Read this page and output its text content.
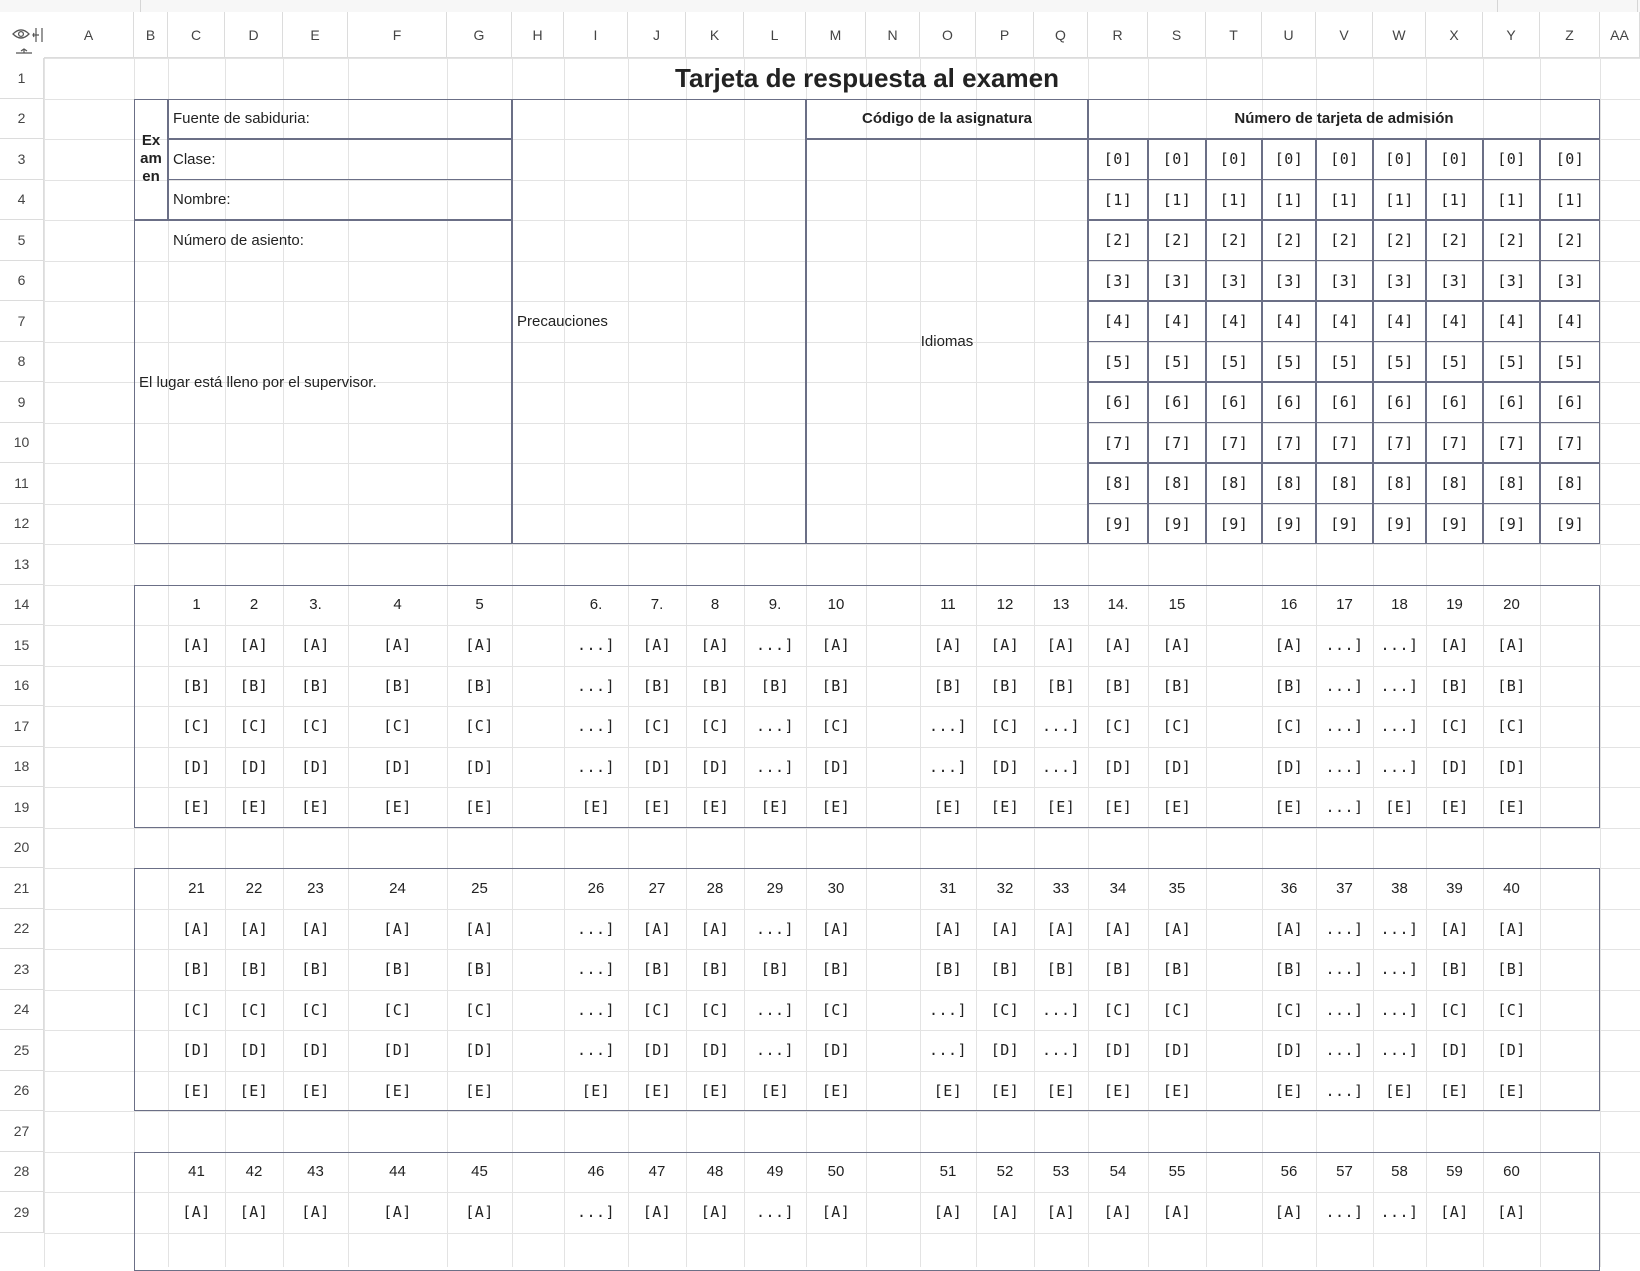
A	B	C	D	E	F	G	H	I	J	K	L	M	N	O	P	Q	R	S	T	U	V	W	X	Y	Z	AA
1
2
3
4
5
6
7
8
9
10
11
12
13
14
15
16
17
18
19
20
21
22
23
24
25
26
27
28
29
Tarjeta de respuesta al examen
Examen
Fuente de sabiduria:
Clase:
Nombre:
Número de asiento:
El lugar está lleno por el supervisor.
Precauciones
Código de la asignatura
Idiomas
Número de tarjeta de admisión
[0]	[0]	[0]	[0]	[0]	[0]	[0]	[0]	[0]
[1]	[1]	[1]	[1]	[1]	[1]	[1]	[1]	[1]
[2]	[2]	[2]	[2]	[2]	[2]	[2]	[2]	[2]
[3]	[3]	[3]	[3]	[3]	[3]	[3]	[3]	[3]
[4]	[4]	[4]	[4]	[4]	[4]	[4]	[4]	[4]
[5]	[5]	[5]	[5]	[5]	[5]	[5]	[5]	[5]
[6]	[6]	[6]	[6]	[6]	[6]	[6]	[6]	[6]
[7]	[7]	[7]	[7]	[7]	[7]	[7]	[7]	[7]
[8]	[8]	[8]	[8]	[8]	[8]	[8]	[8]	[8]
[9]	[9]	[9]	[9]	[9]	[9]	[9]	[9]	[9]
1	2	3.	4	5	6.	7.	8	9.	10	11	12	13	14.	15	16	17	18	19	20
[A]	[A]	[A]	[A]	[A]	...]	[A]	[A]	...]	[A]	[A]	[A]	[A]	[A]	[A]	[A]	...]	...]	[A]	[A]
[B]	[B]	[B]	[B]	[B]	...]	[B]	[B]	[B]	[B]	[B]	[B]	[B]	[B]	[B]	[B]	...]	...]	[B]	[B]
[C]	[C]	[C]	[C]	[C]	...]	[C]	[C]	...]	[C]	...]	[C]	...]	[C]	[C]	[C]	...]	...]	[C]	[C]
[D]	[D]	[D]	[D]	[D]	...]	[D]	[D]	...]	[D]	...]	[D]	...]	[D]	[D]	[D]	...]	...]	[D]	[D]
[E]	[E]	[E]	[E]	[E]	[E]	[E]	[E]	[E]	[E]	[E]	[E]	[E]	[E]	[E]	[E]	...]	[E]	[E]	[E]
21	22	23	24	25	26	27	28	29	30	31	32	33	34	35	36	37	38	39	40
[A]	[A]	[A]	[A]	[A]	...]	[A]	[A]	...]	[A]	[A]	[A]	[A]	[A]	[A]	[A]	...]	...]	[A]	[A]
[B]	[B]	[B]	[B]	[B]	...]	[B]	[B]	[B]	[B]	[B]	[B]	[B]	[B]	[B]	[B]	...]	...]	[B]	[B]
[C]	[C]	[C]	[C]	[C]	...]	[C]	[C]	...]	[C]	...]	[C]	...]	[C]	[C]	[C]	...]	...]	[C]	[C]
[D]	[D]	[D]	[D]	[D]	...]	[D]	[D]	...]	[D]	...]	[D]	...]	[D]	[D]	[D]	...]	...]	[D]	[D]
[E]	[E]	[E]	[E]	[E]	[E]	[E]	[E]	[E]	[E]	[E]	[E]	[E]	[E]	[E]	[E]	...]	[E]	[E]	[E]
41	42	43	44	45	46	47	48	49	50	51	52	53	54	55	56	57	58	59	60
[A]	[A]	[A]	[A]	[A]	...]	[A]	[A]	...]	[A]	[A]	[A]	[A]	[A]	[A]	[A]	...]	...]	[A]	[A]
